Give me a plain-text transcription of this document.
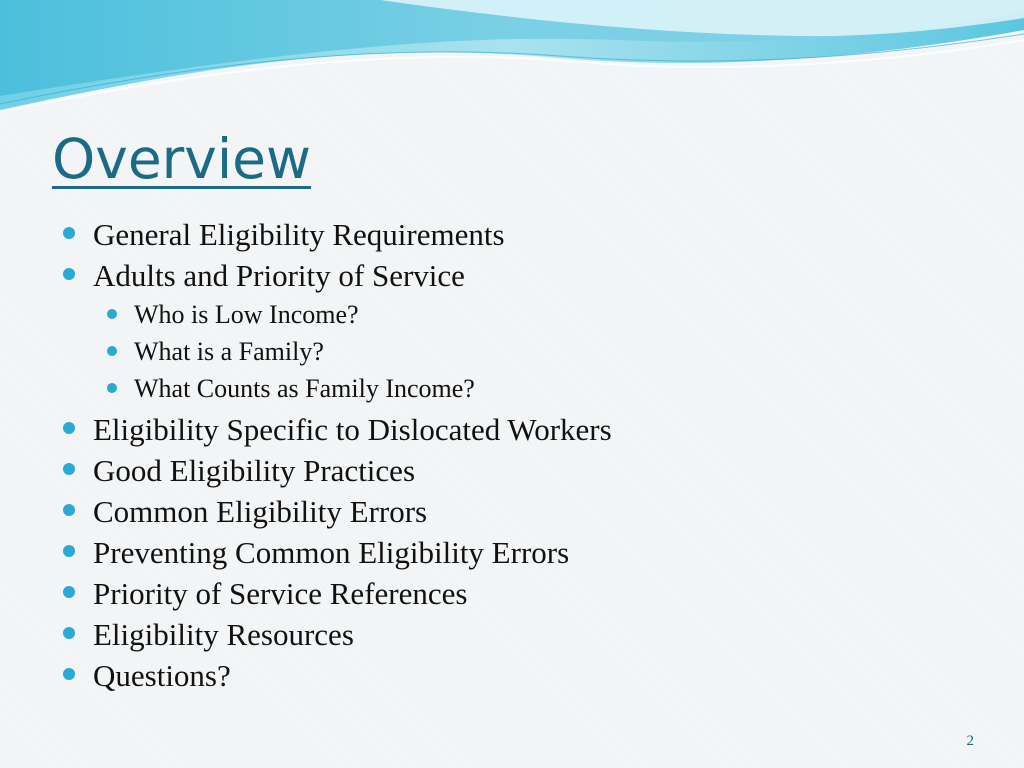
Overview
General Eligibility Requirements
Adults and Priority of Service
Who is Low Income?
What is a Family?
What Counts as Family Income?
Eligibility Specific to Dislocated Workers
Good Eligibility Practices
Common Eligibility Errors
Preventing Common Eligibility Errors
Priority of Service References
Eligibility Resources
Questions?
2
